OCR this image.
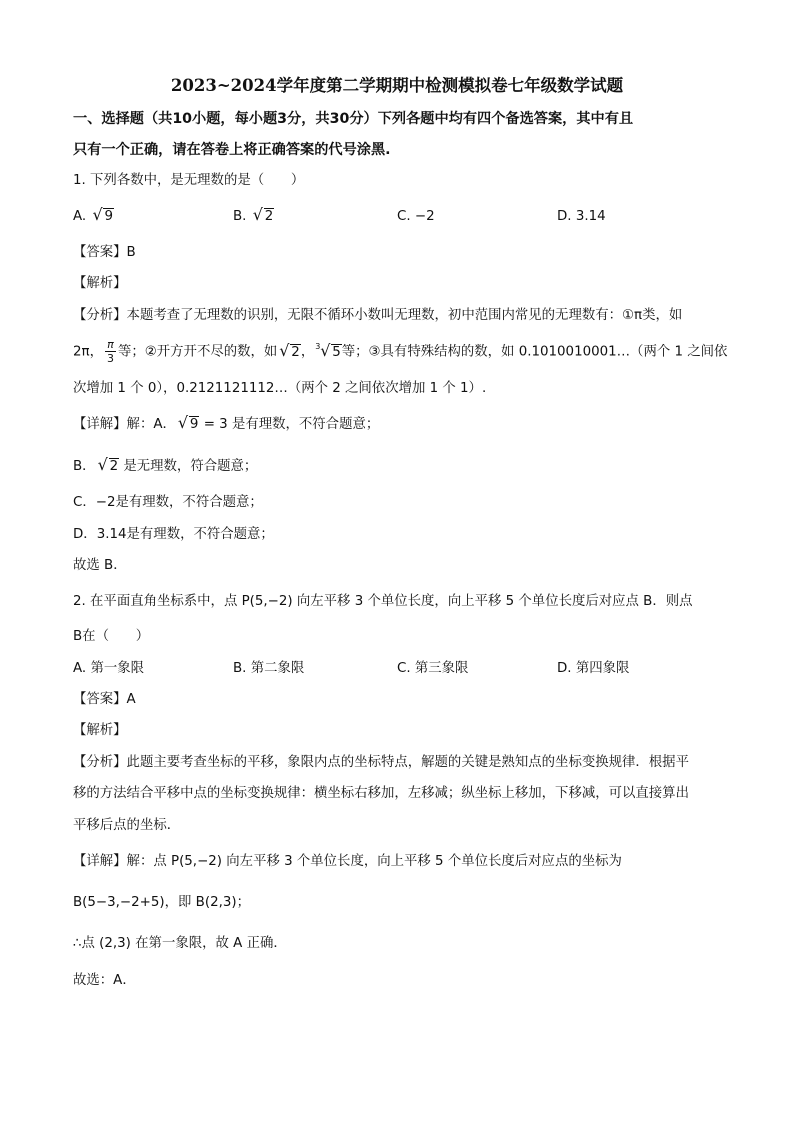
2023~2024学年度第二学期期中检测模拟卷七年级数学试题
一、选择题（共10小题，每小题3分，共30分）下列各题中均有四个备选答案，其中有且
只有一个正确，请在答卷上将正确答案的代号涂黑.
1. 下列各数中，是无理数的是（　　）
A. √ 9	B. √ 2	C. −2	D. 3.14
【答案】B
【解析】
【分析】本题考查了无理数的识别，无限不循环小数叫无理数，初中范围内常见的无理数有：①π类，如
2π， $\frac{\pi}{3}$ 等；②开方开不尽的数，如 √ 2， 3 √ 5等；③具有特殊结构的数，如 0.1010010001…（两个 1 之间依
次增加 1 个 0），0.2121121112…（两个 2 之间依次增加 1 个 1）.
【详解】解：A． √ 9 = 3 是有理数，不符合题意；
B． √ 2 是无理数，符合题意；
C．−2是有理数，不符合题意；
D．3.14是有理数，不符合题意；
故选 B．
2. 在平面直角坐标系中，点 P(5,−2) 向左平移 3 个单位长度，向上平移 5 个单位长度后对应点 B．则点
B在（　　）
A. 第一象限	B. 第二象限	C. 第三象限	D. 第四象限
【答案】A
【解析】
【分析】此题主要考查坐标的平移，象限内点的坐标特点，解题的关键是熟知点的坐标变换规律．根据平
移的方法结合平移中点的坐标变换规律：横坐标右移加，左移减；纵坐标上移加，下移减，可以直接算出
平移后点的坐标．
【详解】解：点 P(5,−2) 向左平移 3 个单位长度，向上平移 5 个单位长度后对应点的坐标为
B(5−3,−2+5)，即 B(2,3)；
∴点 (2,3) 在第一象限，故 A 正确．
故选：A．
